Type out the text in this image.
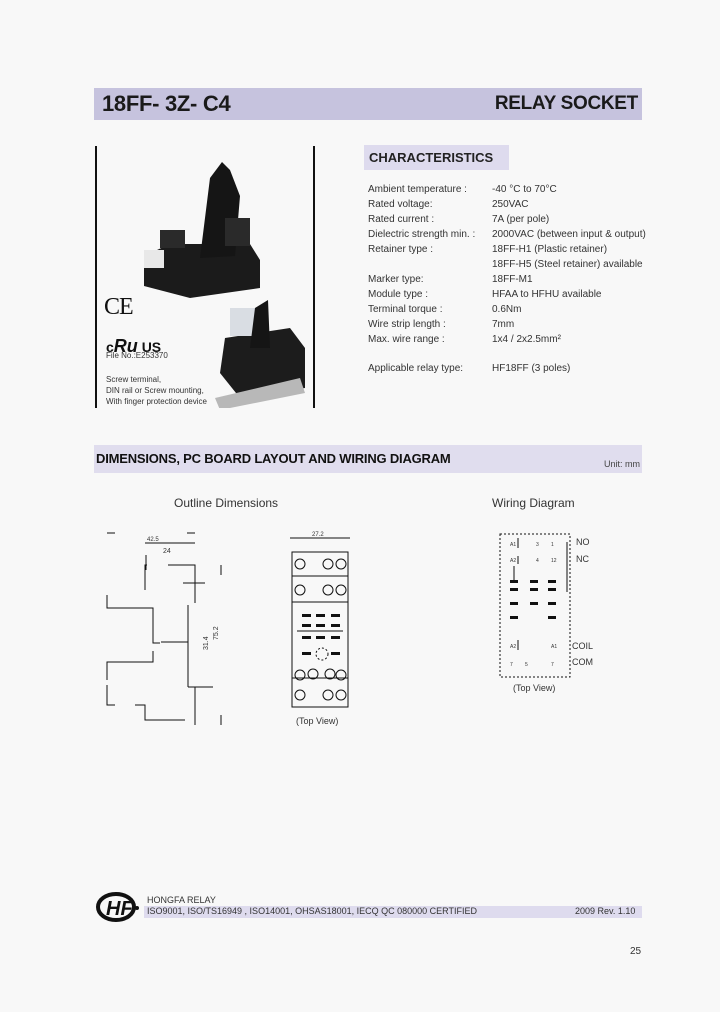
18FF- 3Z- C4	RELAY SOCKET
CE
cRu US
File No.:E253370
Screw terminal,
DIN rail or Screw mounting,
With finger protection device
CHARACTERISTICS
Ambient temperature :	-40 °C to 70°C
Rated voltage:	250VAC
Rated current :	7A (per pole)
Dielectric strength min. : 2000VAC (between input & output)
Retainer type :	18FF-H1 (Plastic retainer)
18FF-H5 (Steel retainer) available
Marker type:	18FF-M1
Module type :	HFAA to HFHU available
Terminal torque :	0.6Nm
Wire strip length :	7mm
Max. wire range :	1x4 / 2x2.5mm²
Applicable relay type:	HF18FF (3 poles)
DIMENSIONS, PC BOARD LAYOUT AND WIRING DIAGRAM	Unit: mm
Outline Dimensions	Wiring Diagram
42.5
24
75.2
31.4
27.2
(Top View)
A1	3 1
A2	4 12
A2	A1
7 5	7
NO
NC
COIL
COM
(Top View)
HF HONGFA RELAY
ISO9001, ISO/TS16949 , ISO14001, OHSAS18001, IECQ QC 080000 CERTIFIED	2009 Rev. 1.10
25
